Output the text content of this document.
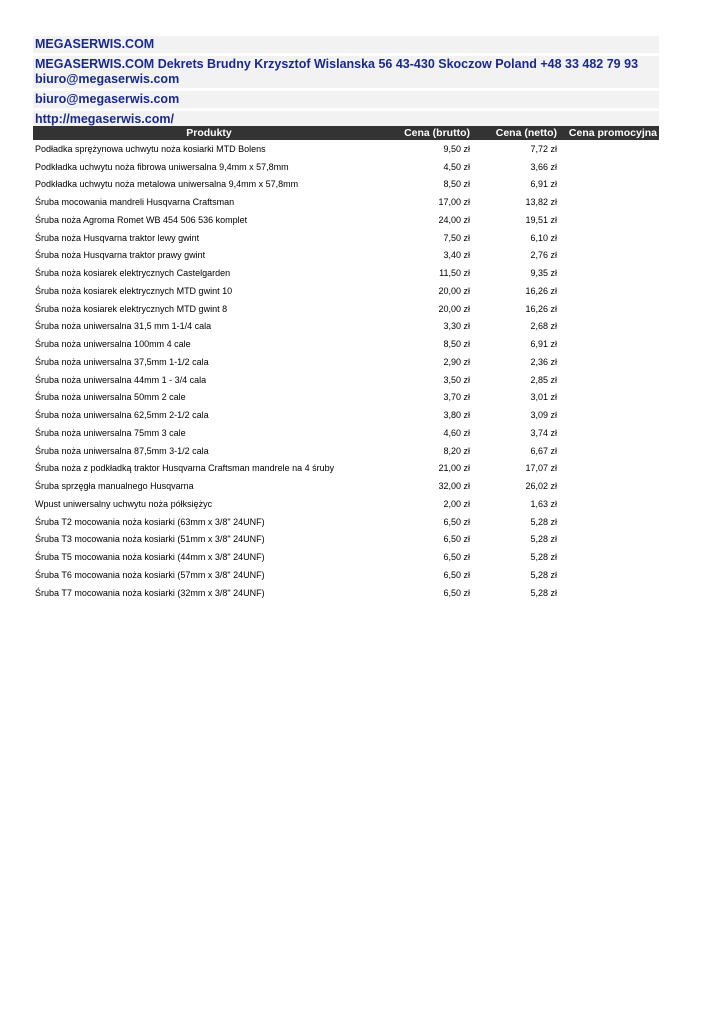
MEGASERWIS.COM
MEGASERWIS.COM Dekrets Brudny Krzysztof Wislanska 56 43-430 Skoczow Poland +48 33 482 79 93 biuro@megaserwis.com
biuro@megaserwis.com
http://megaserwis.com/
Produkty	Cena (brutto)	Cena (netto)	Cena promocyjna
Podładka sprężynowa uchwytu noża kosiarki MTD Bolens	9,50 zł	7,72 zł	
Podkładka uchwytu noża fibrowa uniwersalna 9,4mm x 57,8mm	4,50 zł	3,66 zł	
Podkładka uchwytu noża metalowa uniwersalna 9,4mm x 57,8mm	8,50 zł	6,91 zł	
Śruba mocowania mandreli Husqvarna Craftsman	17,00 zł	13,82 zł	
Śruba noża Agroma Romet WB 454 506 536 komplet	24,00 zł	19,51 zł	
Śruba noża Husqvarna traktor lewy gwint	7,50 zł	6,10 zł	
Śruba noża Husqvarna traktor prawy gwint	3,40 zł	2,76 zł	
Śruba noża kosiarek elektrycznych Castelgarden	11,50 zł	9,35 zł	
Śruba noża kosiarek elektrycznych MTD gwint 10	20,00 zł	16,26 zł	
Śruba noża kosiarek elektrycznych MTD gwint 8	20,00 zł	16,26 zł	
Śruba noża uniwersalna 31,5 mm 1-1/4 cala	3,30 zł	2,68 zł	
Śruba noża uniwersalna 100mm 4 cale	8,50 zł	6,91 zł	
Śruba noża uniwersalna 37,5mm 1-1/2 cala	2,90 zł	2,36 zł	
Śruba noża uniwersalna 44mm 1 - 3/4 cala	3,50 zł	2,85 zł	
Śruba noża uniwersalna 50mm 2 cale	3,70 zł	3,01 zł	
Śruba noża uniwersalna 62,5mm 2-1/2 cala	3,80 zł	3,09 zł	
Śruba noża uniwersalna 75mm 3 cale	4,60 zł	3,74 zł	
Śruba noża uniwersalna 87,5mm 3-1/2 cala	8,20 zł	6,67 zł	
Śruba noża z podkładką traktor Husqvarna Craftsman mandrele na 4 śruby	21,00 zł	17,07 zł	
Śruba sprzęgła manualnego Husqvarna	32,00 zł	26,02 zł	
Wpust uniwersalny uchwytu noża półksiężyc	2,00 zł	1,63 zł	
Śruba T2 mocowania noża kosiarki (63mm x 3/8" 24UNF)	6,50 zł	5,28 zł	
Śruba T3 mocowania noża kosiarki (51mm x 3/8" 24UNF)	6,50 zł	5,28 zł	
Śruba T5 mocowania noża kosiarki (44mm x 3/8" 24UNF)	6,50 zł	5,28 zł	
Śruba T6 mocowania noża kosiarki (57mm x 3/8" 24UNF)	6,50 zł	5,28 zł	
Śruba T7 mocowania noża kosiarki (32mm x 3/8" 24UNF)	6,50 zł	5,28 zł	
